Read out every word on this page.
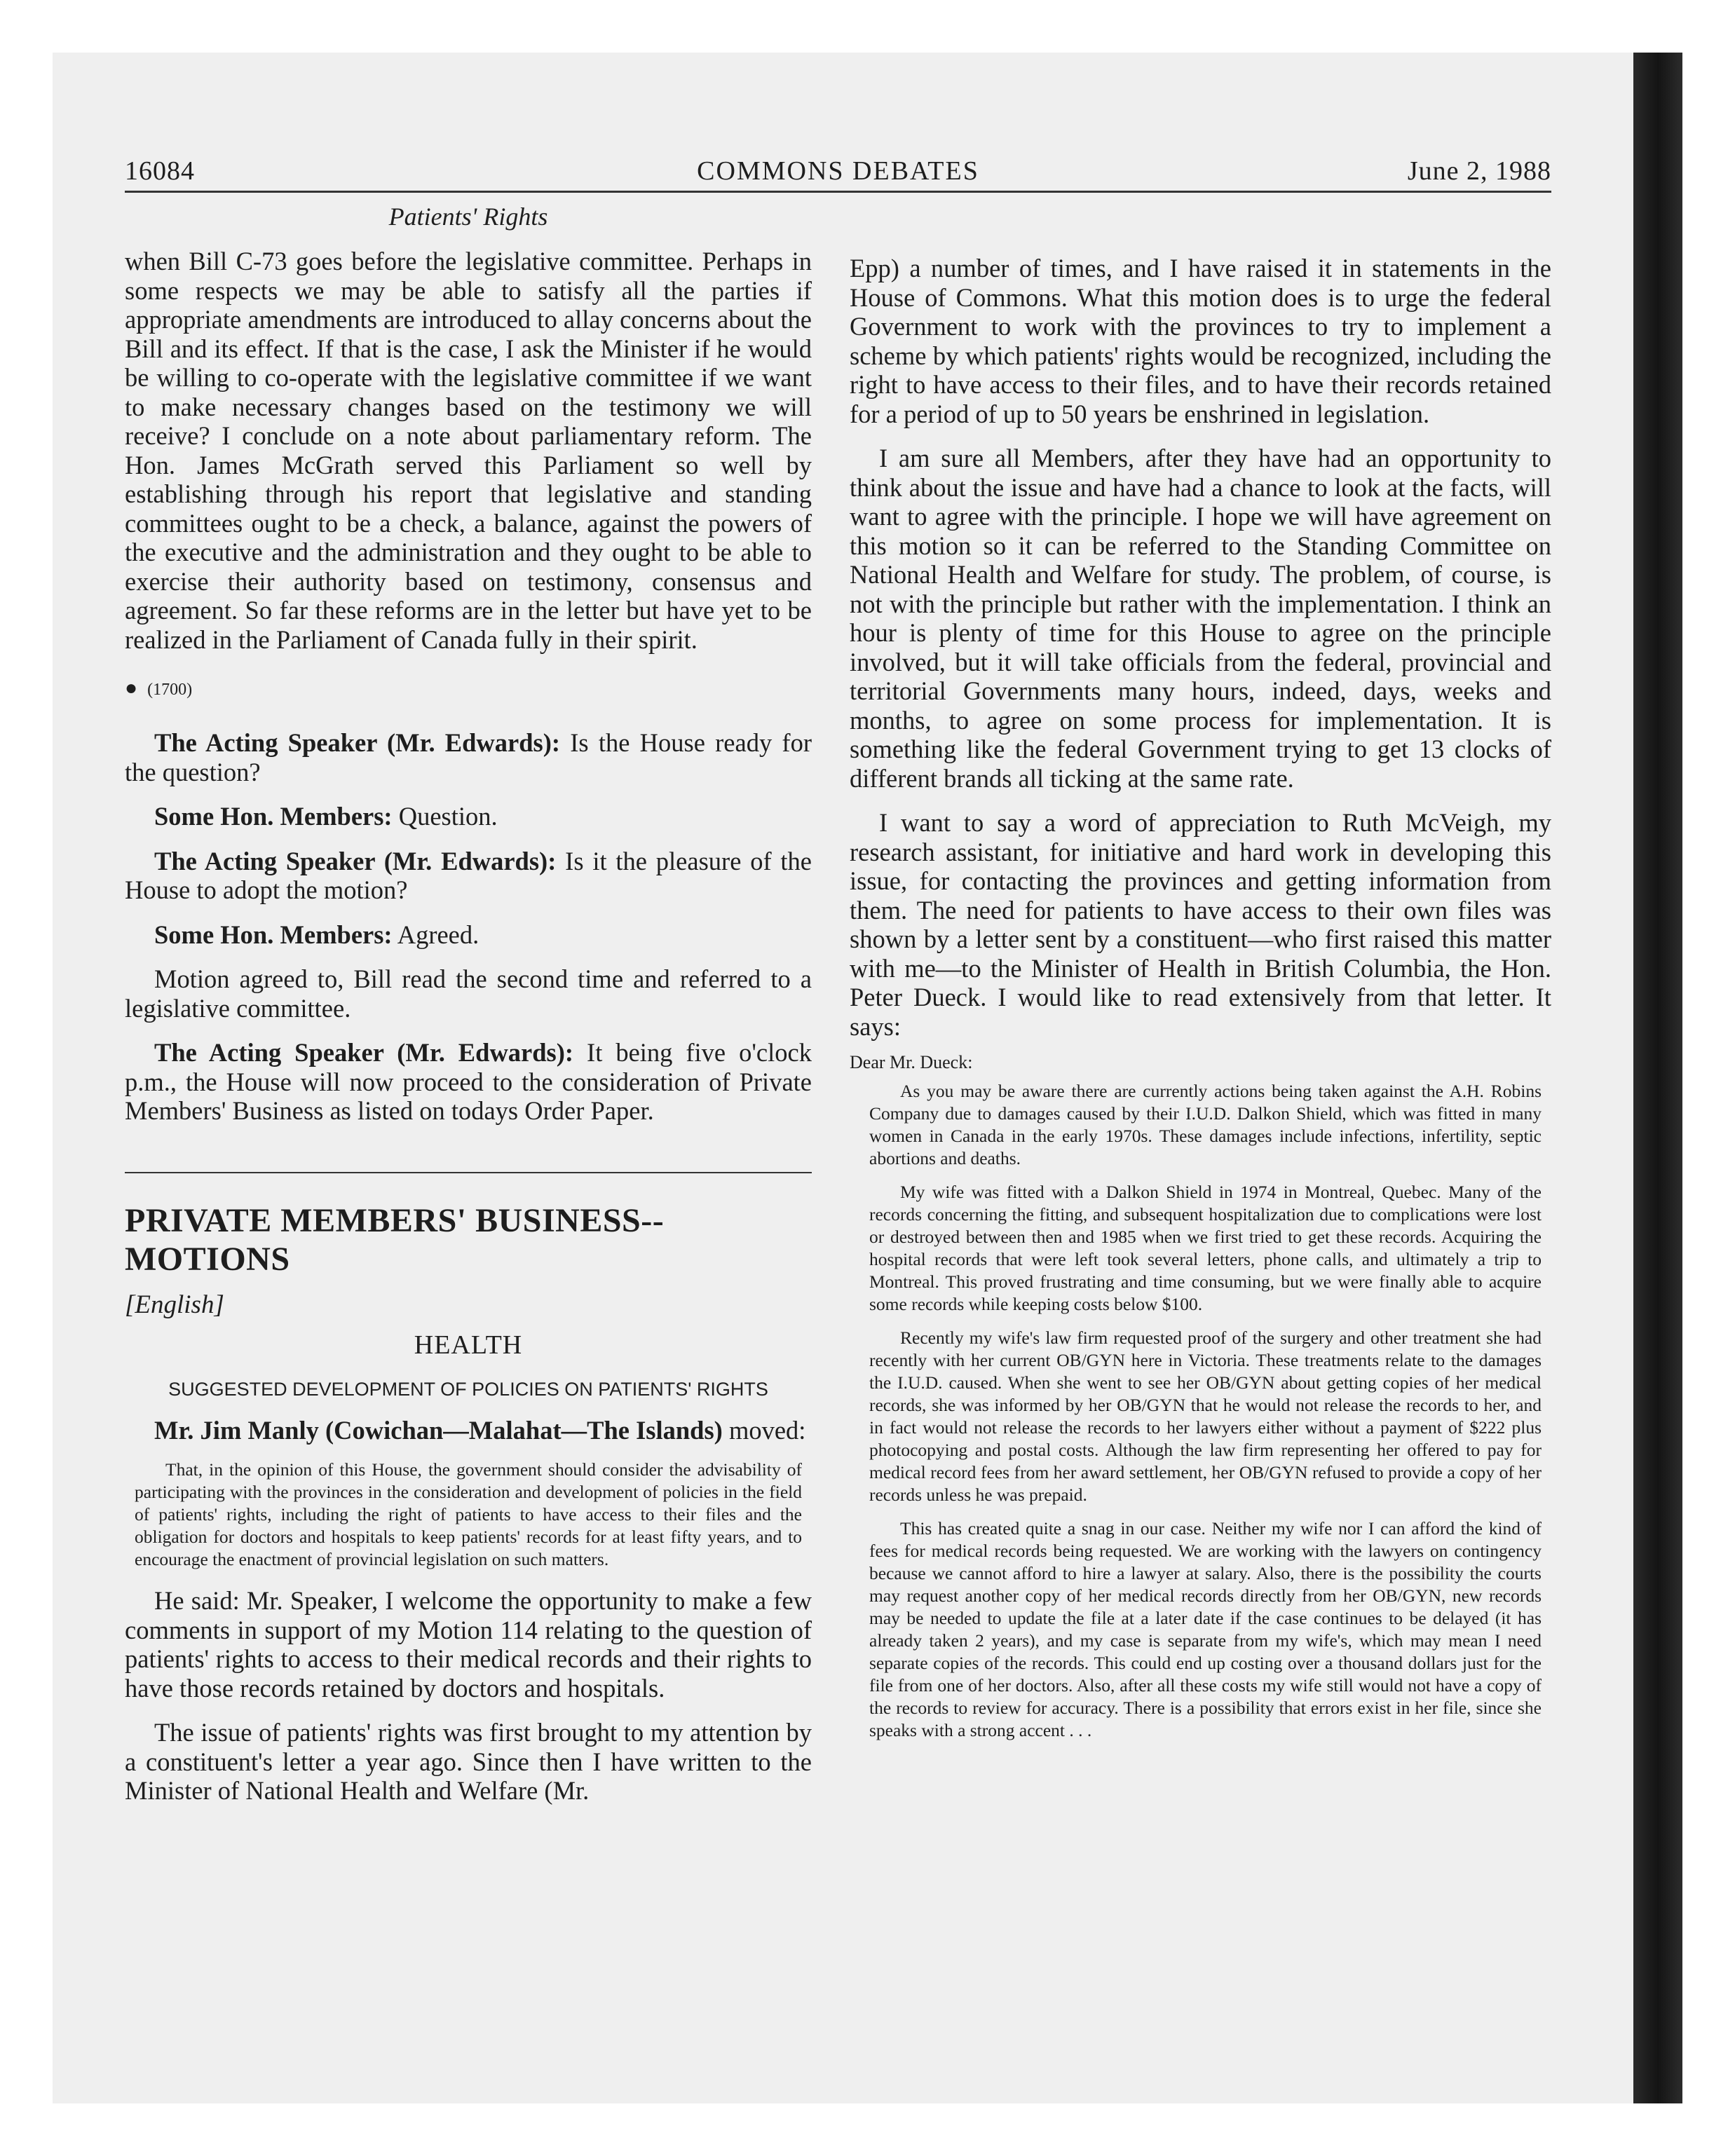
16084	COMMONS DEBATES	June 2, 1988
Patients' Rights

when Bill C-73 goes before the legislative committee. Perhaps in some respects we may be able to satisfy all the parties if appropriate amendments are introduced to allay concerns about the Bill and its effect. If that is the case, I ask the Minister if he would be willing to co-operate with the legislative committee if we want to make necessary changes based on the testimony we will receive? I conclude on a note about parliamentary reform. The Hon. James McGrath served this Parliament so well by establishing through his report that legislative and standing committees ought to be a check, a balance, against the powers of the executive and the administration and they ought to be able to exercise their authority based on testimony, consensus and agreement. So far these reforms are in the letter but have yet to be realized in the Parliament of Canada fully in their spirit.

● (1700)

The Acting Speaker (Mr. Edwards): Is the House ready for the question?

Some Hon. Members: Question.

The Acting Speaker (Mr. Edwards): Is it the pleasure of the House to adopt the motion?

Some Hon. Members: Agreed.

Motion agreed to, Bill read the second time and referred to a legislative committee.

The Acting Speaker (Mr. Edwards): It being five o'clock p.m., the House will now proceed to the consideration of Private Members' Business as listed on todays Order Paper.

PRIVATE MEMBERS' BUSINESS--MOTIONS
[English]
HEALTH
SUGGESTED DEVELOPMENT OF POLICIES ON PATIENTS' RIGHTS

Mr. Jim Manly (Cowichan—Malahat—The Islands) moved:

That, in the opinion of this House, the government should consider the advisability of participating with the provinces in the consideration and development of policies in the field of patients' rights, including the right of patients to have access to their files and the obligation for doctors and hospitals to keep patients' records for at least fifty years, and to encourage the enactment of provincial legislation on such matters.

He said: Mr. Speaker, I welcome the opportunity to make a few comments in support of my Motion 114 relating to the question of patients' rights to access to their medical records and their rights to have those records retained by doctors and hospitals.

The issue of patients' rights was first brought to my attention by a constituent's letter a year ago. Since then I have written to the Minister of National Health and Welfare (Mr.

Epp) a number of times, and I have raised it in statements in the House of Commons. What this motion does is to urge the federal Government to work with the provinces to try to implement a scheme by which patients' rights would be recognized, including the right to have access to their files, and to have their records retained for a period of up to 50 years be enshrined in legislation.

I am sure all Members, after they have had an opportunity to think about the issue and have had a chance to look at the facts, will want to agree with the principle. I hope we will have agreement on this motion so it can be referred to the Standing Committee on National Health and Welfare for study. The problem, of course, is not with the principle but rather with the implementation. I think an hour is plenty of time for this House to agree on the principle involved, but it will take officials from the federal, provincial and territorial Governments many hours, indeed, days, weeks and months, to agree on some process for implementation. It is something like the federal Government trying to get 13 clocks of different brands all ticking at the same rate.

I want to say a word of appreciation to Ruth McVeigh, my research assistant, for initiative and hard work in developing this issue, for contacting the provinces and getting information from them. The need for patients to have access to their own files was shown by a letter sent by a constituent—who first raised this matter with me—to the Minister of Health in British Columbia, the Hon. Peter Dueck. I would like to read extensively from that letter. It says:

Dear Mr. Dueck:

As you may be aware there are currently actions being taken against the A.H. Robins Company due to damages caused by their I.U.D. Dalkon Shield, which was fitted in many women in Canada in the early 1970s. These damages include infections, infertility, septic abortions and deaths.

My wife was fitted with a Dalkon Shield in 1974 in Montreal, Quebec. Many of the records concerning the fitting, and subsequent hospitalization due to complications were lost or destroyed between then and 1985 when we first tried to get these records. Acquiring the hospital records that were left took several letters, phone calls, and ultimately a trip to Montreal. This proved frustrating and time consuming, but we were finally able to acquire some records while keeping costs below $100.

Recently my wife's law firm requested proof of the surgery and other treatment she had recently with her current OB/GYN here in Victoria. These treatments relate to the damages the I.U.D. caused. When she went to see her OB/GYN about getting copies of her medical records, she was informed by her OB/GYN that he would not release the records to her, and in fact would not release the records to her lawyers either without a payment of $222 plus photocopying and postal costs. Although the law firm representing her offered to pay for medical record fees from her award settlement, her OB/GYN refused to provide a copy of her records unless he was prepaid.

This has created quite a snag in our case. Neither my wife nor I can afford the kind of fees for medical records being requested. We are working with the lawyers on contingency because we cannot afford to hire a lawyer at salary. Also, there is the possibility the courts may request another copy of her medical records directly from her OB/GYN, new records may be needed to update the file at a later date if the case continues to be delayed (it has already taken 2 years), and my case is separate from my wife's, which may mean I need separate copies of the records. This could end up costing over a thousand dollars just for the file from one of her doctors. Also, after all these costs my wife still would not have a copy of the records to review for accuracy. There is a possibility that errors exist in her file, since she speaks with a strong accent . . .
